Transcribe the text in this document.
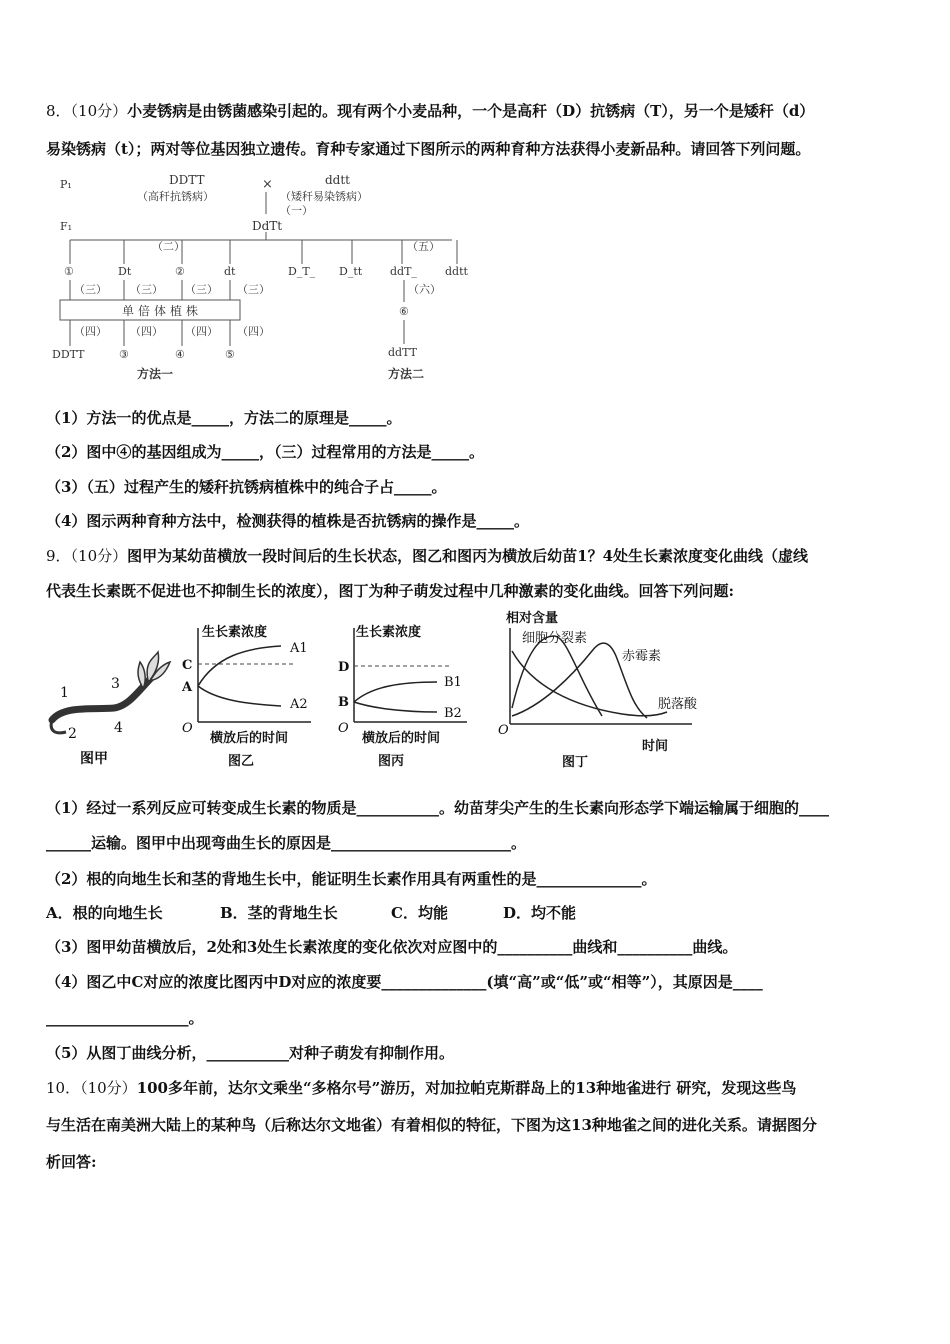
8．（10分）小麦锈病是由锈菌感染引起的。现有两个小麦品种，一个是高秆（D）抗锈病（T），另一个是矮秆（d）
易染锈病（t）；两对等位基因独立遗传。育种专家通过下图所示的两种育种方法获得小麦新品种。请回答下列问题。
P₁
F₁
DDTT
（高秆抗锈病）
×	ddtt
（矮秆易染锈病）
（一）
DdTt
（二）	（五）
①	Dt	②	dt
（三） （三） （三） （三）
单倍体植株
（四） （四） （四） （四）
DDTT	③	④	⑤
方法一
D_T_ D_tt	ddT_	ddtt
（六）
⑥
ddTT
方法二
（1）方法一的优点是_____，方法二的原理是_____。
（2）图中④的基因组成为_____，（三）过程常用的方法是_____。
（3）（五）过程产生的矮秆抗锈病植株中的纯合子占_____。
（4）图示两种育种方法中，检测获得的植株是否抗锈病的操作是_____。
9．（10分）图甲为某幼苗横放一段时间后的生长状态，图乙和图丙为横放后幼苗1？4处生长素浓度变化曲线（虚线
代表生长素既不促进也不抑制生长的浓度），图丁为种子萌发过程中几种激素的变化曲线。回答下列问题:
1
2
3
4
图甲
生长素浓度
C
A
A1
A2
O
横放后的时间
图乙
生长素浓度
D
B
B1
B2
O
横放后的时间
图丙
相对含量
细胞分裂素
赤霉素
脱落酸
O
时间
图丁
（1）经过一系列反应可转变成生长素的物质是___________。幼苗芽尖产生的生长素向形态学下端运输属于细胞的____
______运输。图甲中出现弯曲生长的原因是________________________。
（2）根的向地生长和茎的背地生长中，能证明生长素作用具有两重性的是______________。
A．根的向地生长	B．茎的背地生长	C．均能	D．均不能
（3）图甲幼苗横放后，2处和3处生长素浓度的变化依次对应图中的__________曲线和__________曲线。
（4）图乙中C对应的浓度比图丙中D对应的浓度要______________(填“高”或“低”或“相等”），其原因是____
___________________。
（5）从图丁曲线分析，___________对种子萌发有抑制作用。
10．（10分）100多年前，达尔文乘坐“多格尔号”游历，对加拉帕克斯群岛上的13种地雀进行 研究，发现这些鸟
与生活在南美洲大陆上的某种鸟（后称达尔文地雀）有着相似的特征，下图为这13种地雀之间的进化关系。请据图分
析回答:
